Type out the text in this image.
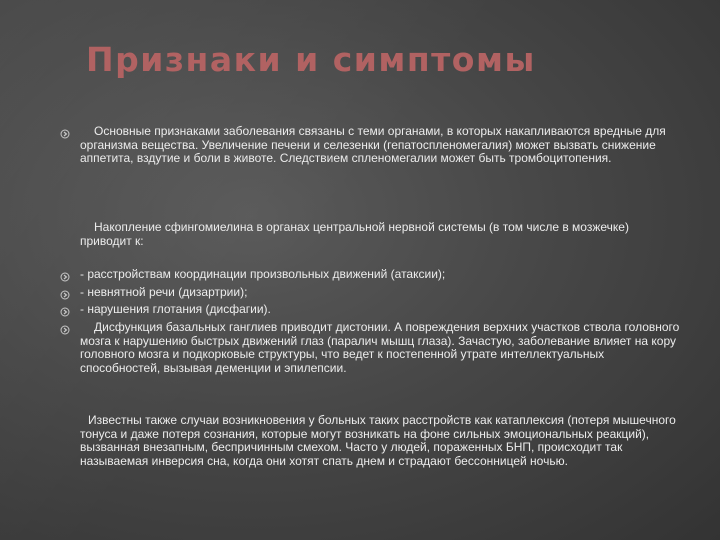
Признаки и симптомы

Основные признаками заболевания связаны с теми органами, в которых накапливаются вредные для организма вещества. Увеличение печени и селезенки (гепатоспленомегалия) может вызвать снижение аппетита, вздутие и боли в животе. Следствием спленомегалии может быть тромбоцитопения.

Накопление сфингомиелина в органах центральной нервной системы (в том числе в мозжечке) приводит к:

- расстройствам координации произвольных движений (атаксии);

- невнятной речи (дизартрии);

- нарушения глотания (дисфагии).

Дисфункция базальных ганглиев приводит дистонии. А повреждения верхних участков ствола головного мозга к нарушению быстрых движений глаз (паралич мышц глаза). Зачастую, заболевание влияет на кору головного мозга и подкорковые структуры, что ведет к постепенной утрате интеллектуальных способностей, вызывая деменции и эпилепсии.

Известны также случаи возникновения у больных таких расстройств как катаплексия (потеря мышечного тонуса и даже потеря сознания, которые могут возникать на фоне сильных эмоциональных реакций), вызванная внезапным, беспричинным смехом. Часто у людей, пораженных БНП, происходит так называемая инверсия сна, когда они хотят спать днем и страдают бессонницей ночью.
